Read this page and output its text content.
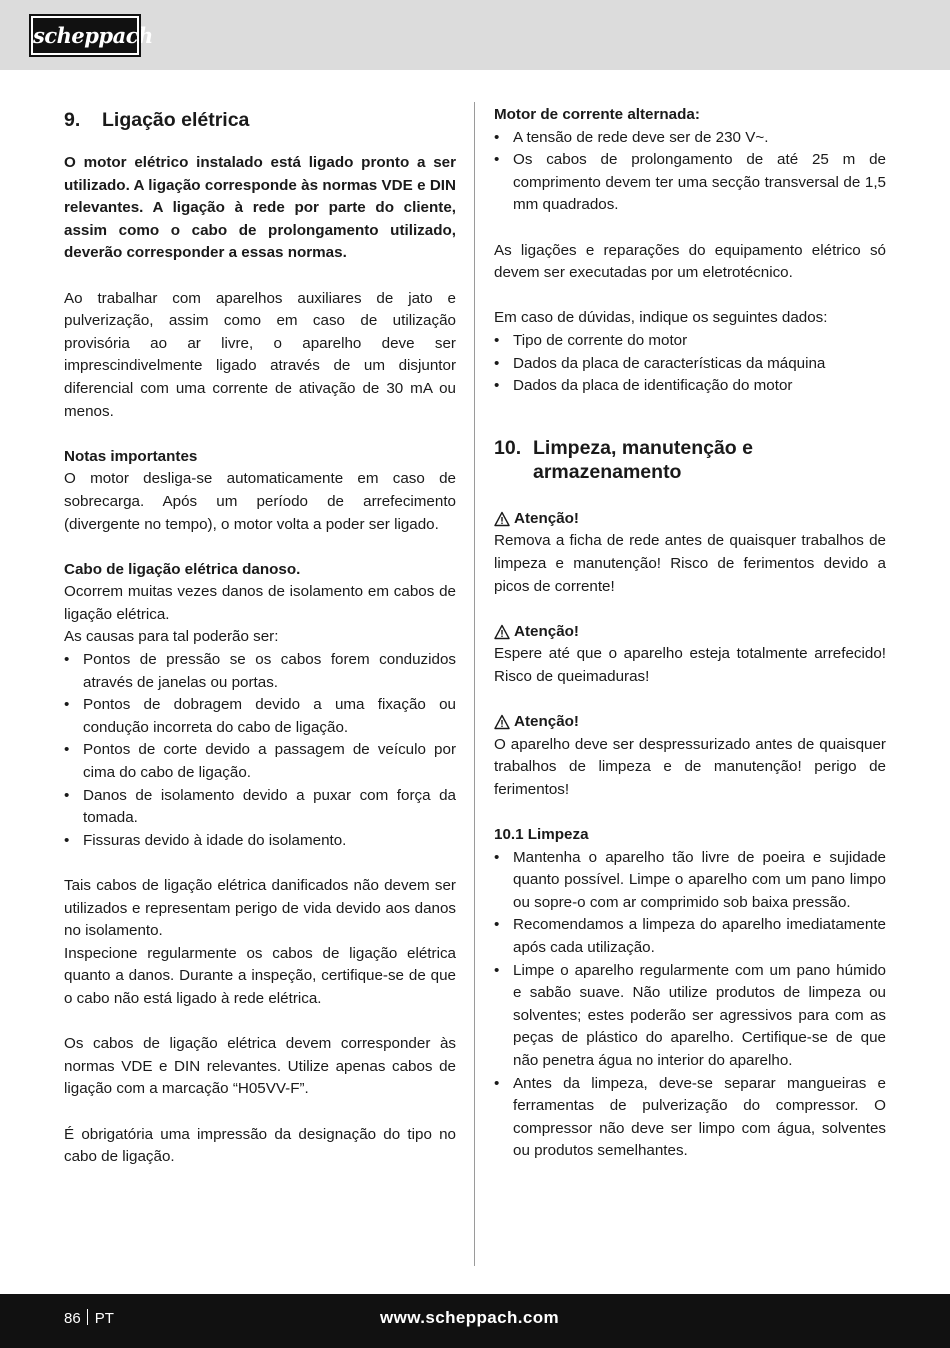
scheppach
9.	Ligação elétrica

O motor elétrico instalado está ligado pronto a ser utilizado. A ligação corresponde às normas VDE e DIN relevantes. A ligação à rede por parte do cliente, assim como o cabo de prolongamento utilizado, deverão corresponder a essas normas.

Ao trabalhar com aparelhos auxiliares de jato e pulverização, assim como em caso de utilização provisória ao ar livre, o aparelho deve ser imprescindivelmente ligado através de um disjuntor diferencial com uma corrente de ativação de 30 mA ou menos.

Notas importantes

O motor desliga-se automaticamente em caso de sobrecarga. Após um período de arrefecimento (divergente no tempo), o motor volta a poder ser ligado.

Cabo de ligação elétrica danoso.

Ocorrem muitas vezes danos de isolamento em cabos de ligação elétrica.

As causas para tal poderão ser:

• Pontos de pressão se os cabos forem conduzidos através de janelas ou portas.
• Pontos de dobragem devido a uma fixação ou condução incorreta do cabo de ligação.
• Pontos de corte devido a passagem de veículo por cima do cabo de ligação.
• Danos de isolamento devido a puxar com força da tomada.
• Fissuras devido à idade do isolamento.

Tais cabos de ligação elétrica danificados não devem ser utilizados e representam perigo de vida devido aos danos no isolamento.

Inspecione regularmente os cabos de ligação elétrica quanto a danos. Durante a inspeção, certifique-se de que o cabo não está ligado à rede elétrica.

Os cabos de ligação elétrica devem corresponder às normas VDE e DIN relevantes. Utilize apenas cabos de ligação com a marcação “H05VV-F”.

É obrigatória uma impressão da designação do tipo no cabo de ligação.

Motor de corrente alternada:

• A tensão de rede deve ser de 230 V~.
• Os cabos de prolongamento de até 25 m de comprimento devem ter uma secção transversal de 1,5 mm quadrados.

As ligações e reparações do equipamento elétrico só devem ser executadas por um eletrotécnico.

Em caso de dúvidas, indique os seguintes dados:

• Tipo de corrente do motor
• Dados da placa de características da máquina
• Dados da placa de identificação do motor
10. Limpeza, manutenção e armazenamento
Atenção!

Remova a ficha de rede antes de quaisquer trabalhos de limpeza e manutenção! Risco de ferimentos devido a picos de corrente!

Atenção!

Espere até que o aparelho esteja totalmente arrefecido! Risco de queimaduras!

Atenção!

O aparelho deve ser despressurizado antes de quaisquer trabalhos de limpeza e de manutenção! perigo de ferimentos!

10.1 Limpeza

• Mantenha o aparelho tão livre de poeira e sujidade quanto possível. Limpe o aparelho com um pano limpo ou sopre-o com ar comprimido sob baixa pressão.
• Recomendamos a limpeza do aparelho imediatamente após cada utilização.
• Limpe o aparelho regularmente com um pano húmido e sabão suave. Não utilize produtos de limpeza ou solventes; estes poderão ser agressivos para com as peças de plástico do aparelho. Certifique-se de que não penetra água no interior do aparelho.
• Antes da limpeza, deve-se separar mangueiras e ferramentas de pulverização do compressor. O compressor não deve ser limpo com água, solventes ou produtos semelhantes.
86 PT	www.scheppach.com
